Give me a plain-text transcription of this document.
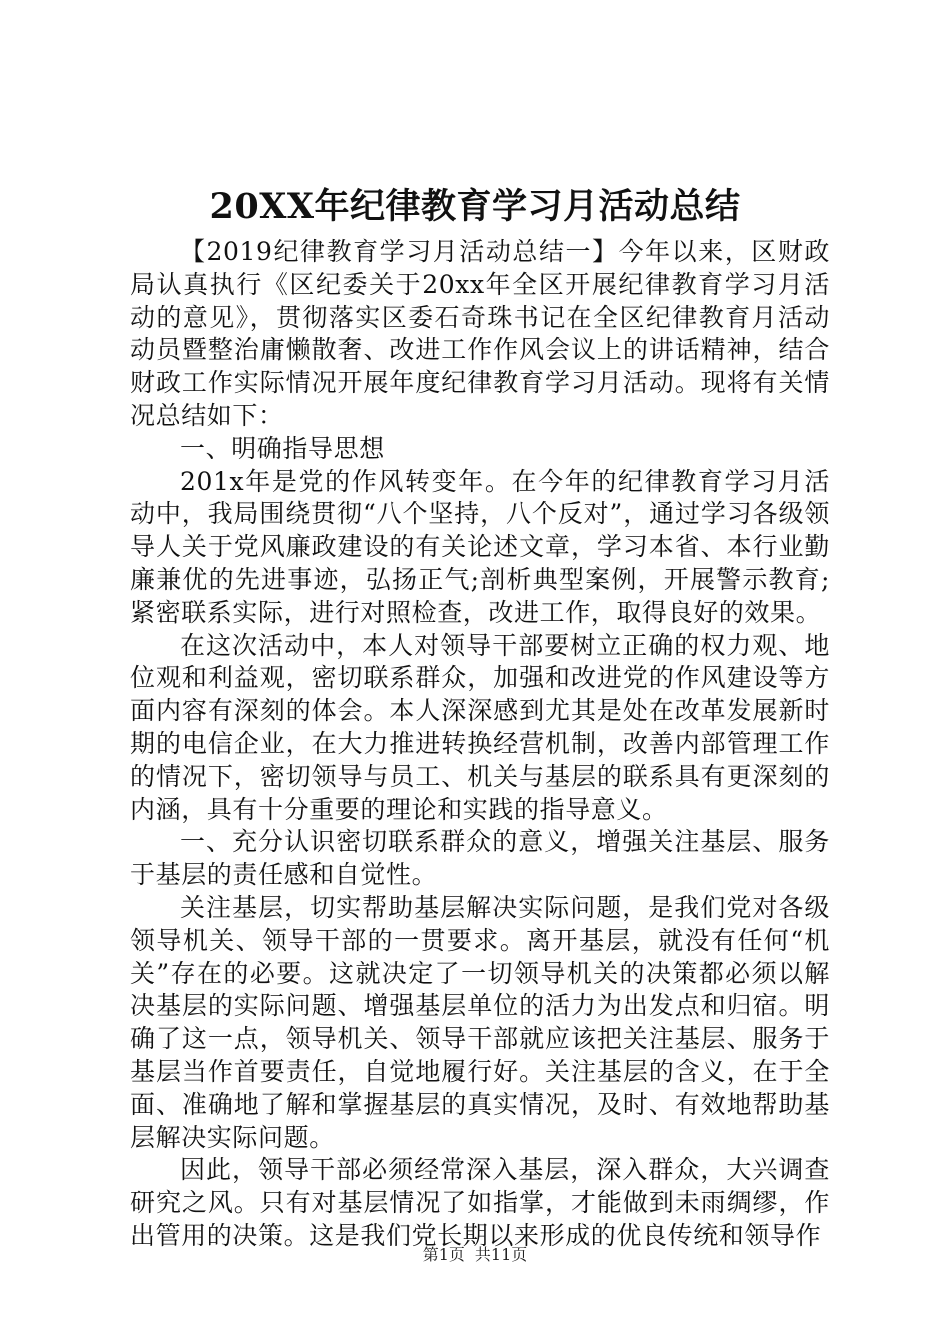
20XX年纪律教育学习月活动总结

【2019纪律教育学习月活动总结一】今年以来，区财政局认真执行《区纪委关于20xx年全区开展纪律教育学习月活动的意见》，贯彻落实区委石奇珠书记在全区纪律教育月活动动员暨整治庸懒散奢、改进工作作风会议上的讲话精神，结合财政工作实际情况开展年度纪律教育学习月活动。现将有关情况总结如下：

一、明确指导思想

201x年是党的作风转变年。在今年的纪律教育学习月活动中，我局围绕贯彻“八个坚持，八个反对”，通过学习各级领导人关于党风廉政建设的有关论述文章，学习本省、本行业勤廉兼优的先进事迹，弘扬正气;剖析典型案例，开展警示教育;紧密联系实际，进行对照检查，改进工作，取得良好的效果。

在这次活动中，本人对领导干部要树立正确的权力观、地位观和利益观，密切联系群众，加强和改进党的作风建设等方面内容有深刻的体会。本人深深感到尤其是处在改革发展新时期的电信企业，在大力推进转换经营机制，改善内部管理工作的情况下，密切领导与员工、机关与基层的联系具有更深刻的内涵，具有十分重要的理论和实践的指导意义。

一、充分认识密切联系群众的意义，增强关注基层、服务于基层的责任感和自觉性。

关注基层，切实帮助基层解决实际问题，是我们党对各级领导机关、领导干部的一贯要求。离开基层，就没有任何“机关”存在的必要。这就决定了一切领导机关的决策都必须以解决基层的实际问题、增强基层单位的活力为出发点和归宿。明确了这一点，领导机关、领导干部就应该把关注基层、服务于基层当作首要责任，自觉地履行好。关注基层的含义，在于全面、准确地了解和掌握基层的真实情况，及时、有效地帮助基层解决实际问题。

因此，领导干部必须经常深入基层，深入群众，大兴调查研究之风。只有对基层情况了如指掌，才能做到未雨绸缪，作出管用的决策。这是我们党长期以来形成的优良传统和领导作

第1页 共11页
